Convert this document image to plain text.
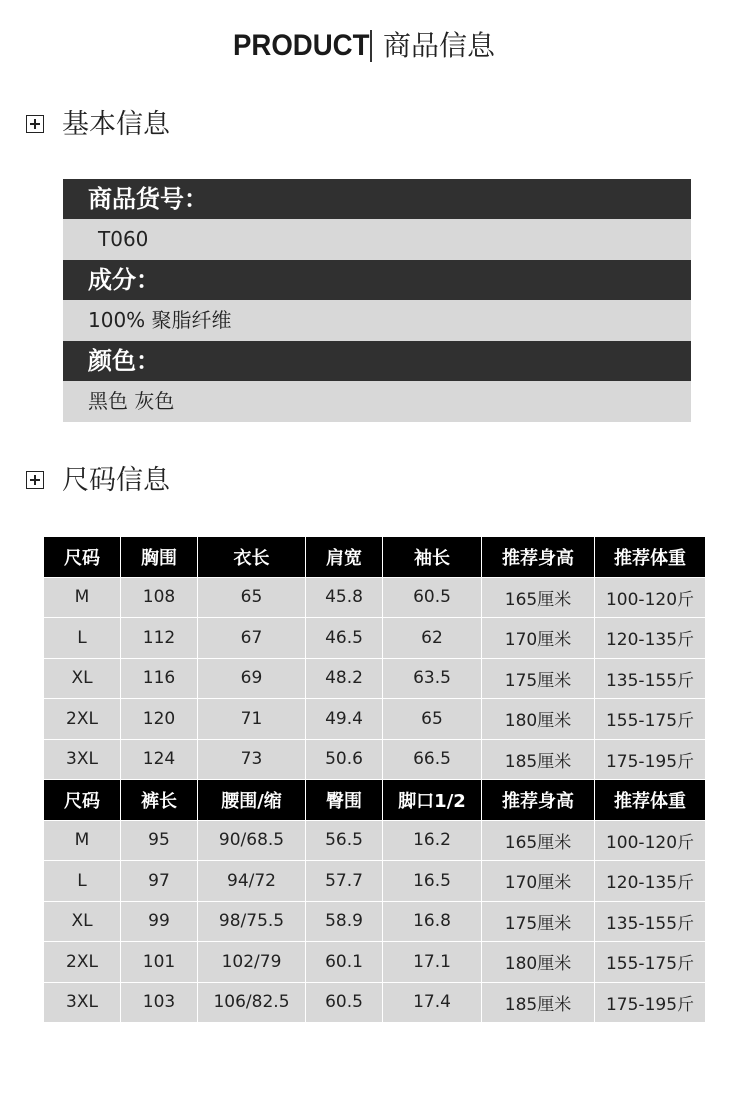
PRODUCT 商品信息
基本信息
商品货号：
T060
成分：
100% 聚脂纤维
颜色：
黑色 灰色
尺码信息
尺码	胸围	衣长	肩宽	袖长	推荐身高	推荐体重
M	108	65	45.8	60.5	165厘米	100-120斤
L	112	67	46.5	62	170厘米	120-135斤
XL	116	69	48.2	63.5	175厘米	135-155斤
2XL	120	71	49.4	65	180厘米	155-175斤
3XL	124	73	50.6	66.5	185厘米	175-195斤
尺码	裤长	腰围/缩	臀围	脚口1/2	推荐身高	推荐体重
M	95	90/68.5	56.5	16.2	165厘米	100-120斤
L	97	94/72	57.7	16.5	170厘米	120-135斤
XL	99	98/75.5	58.9	16.8	175厘米	135-155斤
2XL	101	102/79	60.1	17.1	180厘米	155-175斤
3XL	103	106/82.5	60.5	17.4	185厘米	175-195斤
